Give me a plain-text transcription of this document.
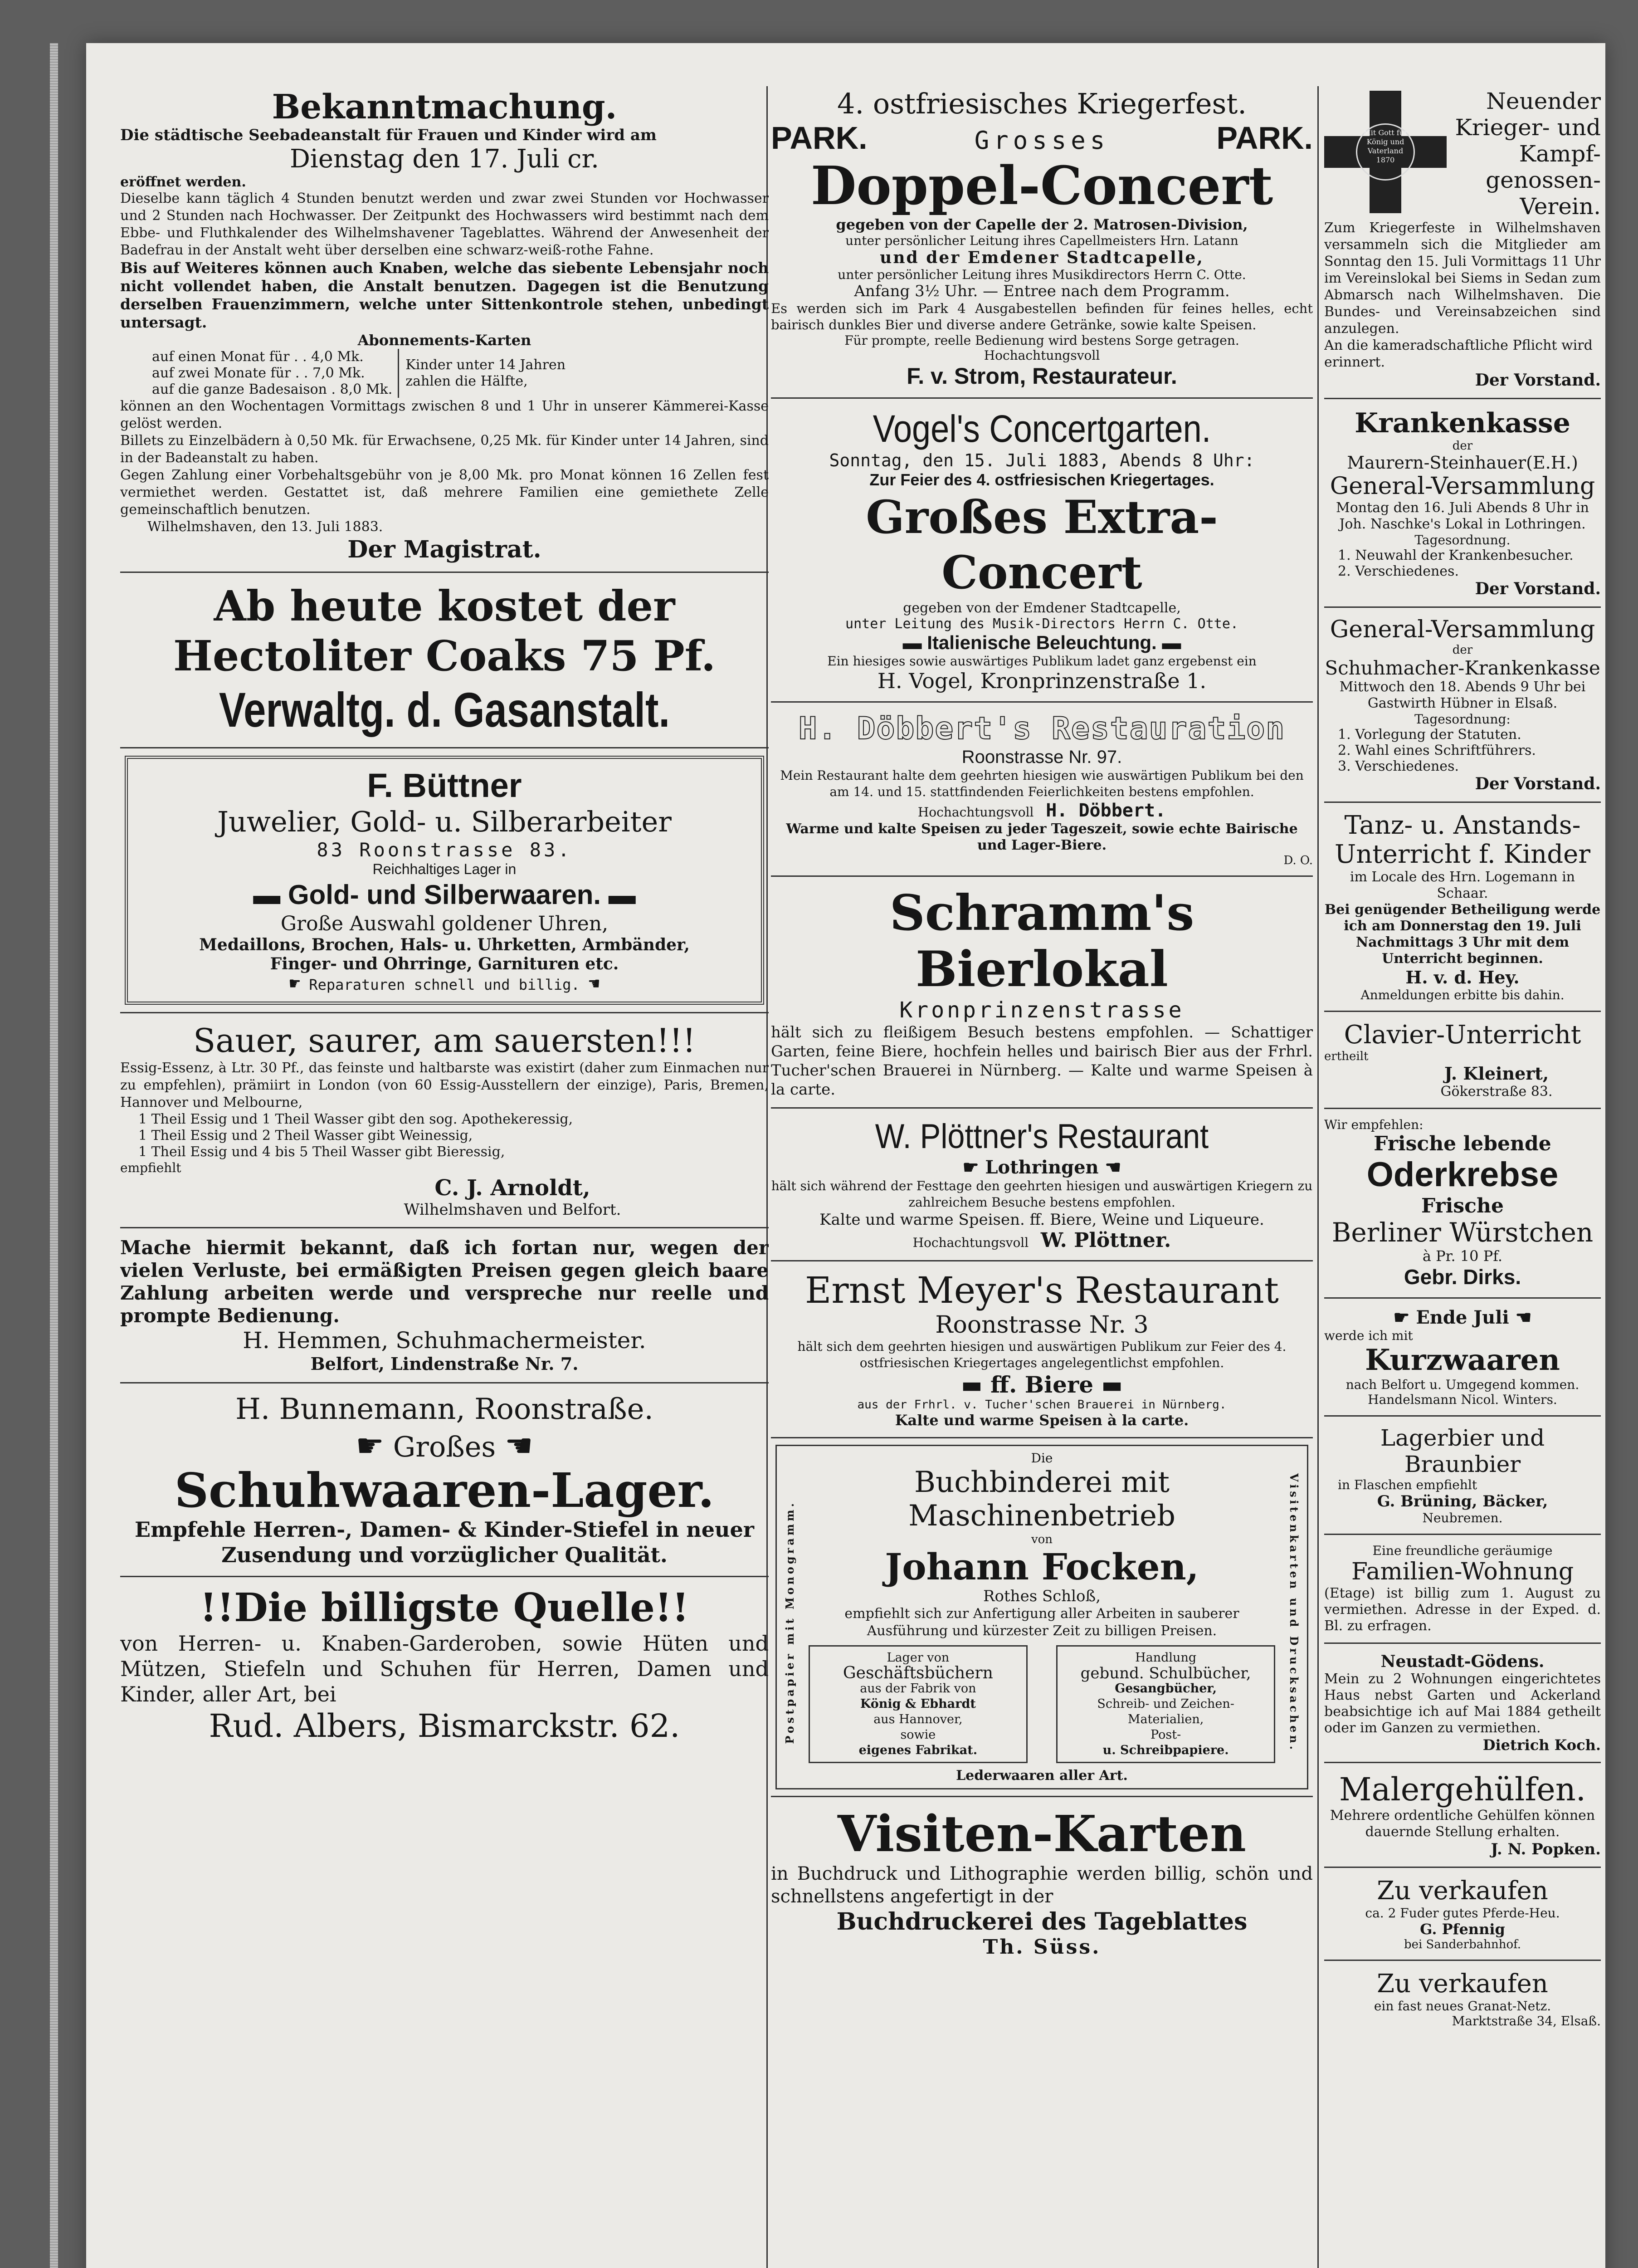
Bekanntmachung.

Die städtische Seebadeanstalt für Frauen und Kinder wird am

Dienstag den 17. Juli cr.

eröffnet werden.

Dieselbe kann täglich 4 Stunden benutzt werden und zwar zwei Stunden vor Hochwasser und 2 Stunden nach Hochwasser. Der Zeitpunkt des Hochwassers wird bestimmt nach dem Ebbe- und Fluthkalender des Wilhelmshavener Tageblattes. Während der Anwesenheit der Badefrau in der Anstalt weht über derselben eine schwarz-weiß-rothe Fahne.

Bis auf Weiteres können auch Knaben, welche das siebente Lebensjahr noch nicht vollendet haben, die Anstalt benutzen. Dagegen ist die Benutzung derselben Frauenzimmern, welche unter Sittenkontrole stehen, unbedingt untersagt.

Abonnements-Karten
auf einen Monat für . . 4,0 Mk.
auf zwei Monate für . . 7,0 Mk.
auf die ganze Badesaison . 8,0 Mk.
Kinder unter 14 Jahren zahlen die Hälfte,

können an den Wochentagen Vormittags zwischen 8 und 1 Uhr in unserer Kämmerei-Kasse gelöst werden.

Billets zu Einzelbädern à 0,50 Mk. für Erwachsene, 0,25 Mk. für Kinder unter 14 Jahren, sind in der Badeanstalt zu haben.

Gegen Zahlung einer Vorbehaltsgebühr von je 8,00 Mk. pro Monat können 16 Zellen fest vermiethet werden. Gestattet ist, daß mehrere Familien eine gemiethete Zelle gemeinschaftlich benutzen.

Wilhelmshaven, den 13. Juli 1883.

Der Magistrat.
Ab heute kostet der
Hectoliter Coaks 75 Pf.
Verwaltg. d. Gasanstalt.
F. Büttner
Juwelier, Gold- u. Silberarbeiter
83 Roonstrasse 83.
Reichhaltiges Lager in
▬ Gold- und Silberwaaren. ▬
Große Auswahl goldener Uhren,
Medaillons, Brochen, Hals- u. Uhrketten, Armbänder,
Finger- und Ohrringe, Garnituren etc.
☛ Reparaturen schnell und billig. ☚
Sauer, saurer, am sauersten!!!

Essig-Essenz, à Ltr. 30 Pf., das feinste und haltbarste was existirt (daher zum Einmachen nur zu empfehlen), prämiirt in London (von 60 Essig-Ausstellern der einzige), Paris, Bremen, Hannover und Melbourne,

1 Theil Essig und 1 Theil Wasser gibt den sog. Apothekeressig,
1 Theil Essig und 2 Theil Wasser gibt Weinessig,
1 Theil Essig und 4 bis 5 Theil Wasser gibt Bieressig,
empfiehlt
C. J. Arnoldt,
Wilhelmshaven und Belfort.

Mache hiermit bekannt, daß ich fortan nur, wegen der vielen Verluste, bei ermäßigten Preisen gegen gleich baare Zahlung arbeiten werde und verspreche nur reelle und prompte Bedienung.

H. Hemmen, Schuhmachermeister.
Belfort, Lindenstraße Nr. 7.
H. Bunnemann, Roonstraße.
☛ Großes ☚
Schuhwaaren-Lager.

Empfehle Herren-, Damen- & Kinder-Stiefel in neuer Zusendung und vorzüglicher Qualität.

!!Die billigste Quelle!!

von Herren- u. Knaben-Garderoben, sowie Hüten und Mützen, Stiefeln und Schuhen für Herren, Damen und Kinder, aller Art, bei

Rud. Albers, Bismarckstr. 62.
4. ostfriesisches Kriegerfest.
PARK.	Grosses	PARK.
Doppel-Concert
gegeben von der Capelle der 2. Matrosen-Division,
unter persönlicher Leitung ihres Capellmeisters Hrn. Latann
und der Emdener Stadtcapelle,
unter persönlicher Leitung ihres Musikdirectors Herrn C. Otte.
Anfang 3½ Uhr. — Entree nach dem Programm.

Es werden sich im Park 4 Ausgabestellen befinden für feines helles, echt bairisch dunkles Bier und diverse andere Getränke, sowie kalte Speisen.

Für prompte, reelle Bedienung wird bestens Sorge getragen.
Hochachtungsvoll
F. v. Strom, Restaurateur.
Vogel's Concertgarten.
Sonntag, den 15. Juli 1883, Abends 8 Uhr:
Zur Feier des 4. ostfriesischen Kriegertages.
Großes Extra-Concert
gegeben von der Emdener Stadtcapelle,
unter Leitung des Musik-Directors Herrn C. Otte.
▬ Italienische Beleuchtung. ▬
Ein hiesiges sowie auswärtiges Publikum ladet ganz ergebenst ein
H. Vogel, Kronprinzenstraße 1.
H. Döbbert's Restauration
Roonstrasse Nr. 97.

Mein Restaurant halte dem geehrten hiesigen wie auswärtigen Publikum bei den am 14. und 15. stattfindenden Feierlichkeiten bestens empfohlen.

Hochachtungsvoll H. Döbbert.

Warme und kalte Speisen zu jeder Tageszeit, sowie echte Bairische und Lager-Biere.

D. O.
Schramm's Bierlokal
Kronprinzenstrasse

hält sich zu fleißigem Besuch bestens empfohlen. — Schattiger Garten, feine Biere, hochfein helles und bairisch Bier aus der Frhrl. Tucher'schen Brauerei in Nürnberg. — Kalte und warme Speisen à la carte.

W. Plöttner's Restaurant
☛ Lothringen ☚

hält sich während der Festtage den geehrten hiesigen und auswärtigen Kriegern zu zahlreichem Besuche bestens empfohlen.

Kalte und warme Speisen. ff. Biere, Weine und Liqueure.
Hochachtungsvoll W. Plöttner.
Ernst Meyer's Restaurant
Roonstrasse Nr. 3

hält sich dem geehrten hiesigen und auswärtigen Publikum zur Feier des 4. ostfriesischen Kriegertages angelegentlichst empfohlen.

▬ ff. Biere ▬
aus der Frhrl. v. Tucher'schen Brauerei in Nürnberg.
Kalte und warme Speisen à la carte.
Postpapier mit Monogramm.	Visitenkarten und Drucksachen.
Die
Buchbinderei mit Maschinenbetrieb
von
Johann Focken,
Rothes Schloß,

empfiehlt sich zur Anfertigung aller Arbeiten in sauberer Ausführung und kürzester Zeit zu billigen Preisen.

Lager von
Geschäftsbüchern
aus der Fabrik von
König & Ebhardt
aus Hannover,
sowie
eigenes Fabrikat.
Handlung
gebund. Schulbücher,
Gesangbücher,
Schreib- und Zeichen-
Materialien,
Post-
u. Schreibpapiere.
Lederwaaren aller Art.
Visiten-Karten

in Buchdruck und Lithographie werden billig, schön und schnellstens angefertigt in der

Buchdruckerei des Tageblattes
Th. Süss.
Mit Gott für König und Vaterland 1870
Neuender Krieger- und Kampf-genossen-Verein.

Zum Kriegerfeste in Wilhelmshaven versammeln sich die Mitglieder am Sonntag den 15. Juli Vormittags 11 Uhr im Vereinslokal bei Siems in Sedan zum Abmarsch nach Wilhelmshaven. Die Bundes- und Vereinsabzeichen sind anzulegen.

An die kameradschaftliche Pflicht wird erinnert.

Der Vorstand.
Krankenkasse
der
Maurern-Steinhauer(E.H.)
General-Versammlung

Montag den 16. Juli Abends 8 Uhr in Joh. Naschke's Lokal in Lothringen.

Tagesordnung.
1. Neuwahl der Krankenbesucher.
2. Verschiedenes.
Der Vorstand.
General-Versammlung
der
Schuhmacher-Krankenkasse

Mittwoch den 18. Abends 9 Uhr bei Gastwirth Hübner in Elsaß.

Tagesordnung:
1. Vorlegung der Statuten.
2. Wahl eines Schriftführers.
3. Verschiedenes.
Der Vorstand.
Tanz- u. Anstands-Unterricht f. Kinder

im Locale des Hrn. Logemann in Schaar.

Bei genügender Betheiligung werde ich am Donnerstag den 19. Juli Nachmittags 3 Uhr mit dem Unterricht beginnen.

H. v. d. Hey.
Anmeldungen erbitte bis dahin.
Clavier-Unterricht
ertheilt
J. Kleinert,
Gökerstraße 83.
Wir empfehlen:
Frische lebende
Oderkrebse
Frische
Berliner Würstchen
à Pr. 10 Pf.
Gebr. Dirks.
☛ Ende Juli ☚
werde ich mit
Kurzwaaren
nach Belfort u. Umgegend kommen.
Handelsmann Nicol. Winters.
Lagerbier und Braunbier
in Flaschen empfiehlt
G. Brüning, Bäcker,
Neubremen.
Eine freundliche geräumige
Familien-Wohnung

(Etage) ist billig zum 1. August zu vermiethen. Adresse in der Exped. d. Bl. zu erfragen.

Neustadt-Gödens.

Mein zu 2 Wohnungen eingerichtetes Haus nebst Garten und Ackerland beabsichtige ich auf Mai 1884 getheilt oder im Ganzen zu vermiethen.

Dietrich Koch.
Malergehülfen.

Mehrere ordentliche Gehülfen können dauernde Stellung erhalten.

J. N. Popken.
Zu verkaufen
ca. 2 Fuder gutes Pferde-Heu.
G. Pfennig
bei Sanderbahnhof.
Zu verkaufen
ein fast neues Granat-Netz.
Marktstraße 34, Elsaß.
